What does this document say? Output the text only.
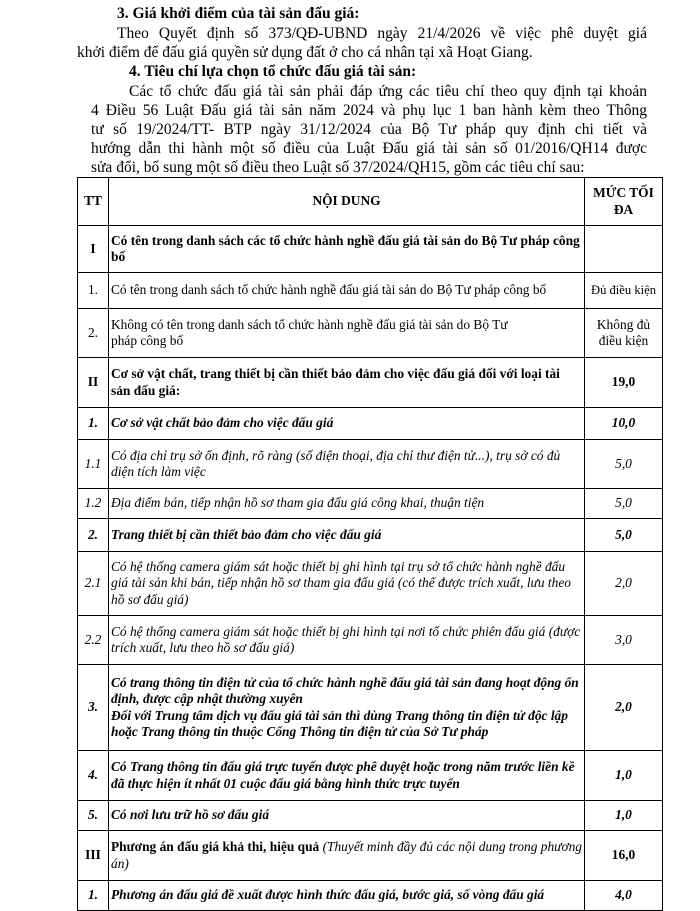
3. Giá khởi điểm của tài sản đấu giá:
Theo Quyết định số 373/QĐ-UBND ngày 21/4/2026 về việc phê duyệt giá
khởi điểm để đấu giá quyền sử dụng đất ở cho cá nhân tại xã Hoạt Giang.
4. Tiêu chí lựa chọn tổ chức đấu giá tài sản:
Các tổ chức đấu giá tài sản phải đáp ứng các tiêu chí theo quy định tại khoản
4 Điều 56 Luật Đấu giá tài sản năm 2024 và phụ lục 1 ban hành kèm theo Thông
tư số 19/2024/TT- BTP ngày 31/12/2024 của Bộ Tư pháp quy định chi tiết và
hướng dẫn thi hành một số điều của Luật Đấu giá tài sản số 01/2016/QH14 được
sửa đổi, bổ sung một số điều theo Luật số 37/2024/QH15, gồm các tiêu chí sau:
TT	NỘI DUNG	MỨC TỐI
ĐA
I	Có tên trong danh sách các tổ chức hành nghề đấu giá tài sản do Bộ Tư pháp công bố	
1.	Có tên trong danh sách tổ chức hành nghề đấu giá tài sản do Bộ Tư pháp công bố	Đủ điều kiện
2.	Không có tên trong danh sách tổ chức hành nghề đấu giá tài sản do Bộ Tư pháp công bố	Không đủ điều kiện
II	Cơ sở vật chất, trang thiết bị cần thiết bảo đảm cho việc đấu giá đối với loại tài sản đấu giá:	19,0
1.	Cơ sở vật chất bảo đảm cho việc đấu giá	10,0
1.1	Có địa chỉ trụ sở ổn định, rõ ràng (số điện thoại, địa chỉ thư điện tử...), trụ sở có đủ diện tích làm việc	5,0
1.2	Địa điểm bán, tiếp nhận hồ sơ tham gia đấu giá công khai, thuận tiện	5,0
2.	Trang thiết bị cần thiết bảo đảm cho việc đấu giá	5,0
2.1	Có hệ thống camera giám sát hoặc thiết bị ghi hình tại trụ sở tổ chức hành nghề đấu giá tài sản khi bán, tiếp nhận hồ sơ tham gia đấu giá (có thể được trích xuất, lưu theo hồ sơ đấu giá)	2,0
2.2	Có hệ thống camera giám sát hoặc thiết bị ghi hình tại nơi tổ chức phiên đấu giá (được trích xuất, lưu theo hồ sơ đấu giá)	3,0
3.	Có trang thông tin điện tử của tổ chức hành nghề đấu giá tài sản đang hoạt động ổn định, được cập nhật thường xuyên
Đối với Trung tâm dịch vụ đấu giá tài sản thì dùng Trang thông tin điện tử độc lập hoặc Trang thông tin thuộc Cổng Thông tin điện tử của Sở Tư pháp	2,0
4.	Có Trang thông tin đấu giá trực tuyến được phê duyệt hoặc trong năm trước liền kề đã thực hiện ít nhất 01 cuộc đấu giá bằng hình thức trực tuyến	1,0
5.	Có nơi lưu trữ hồ sơ đấu giá	1,0
III	Phương án đấu giá khả thi, hiệu quả (Thuyết minh đầy đủ các nội dung trong phương án)	16,0
1.	Phương án đấu giá đề xuất được hình thức đấu giá, bước giá, số vòng đấu giá	4,0
